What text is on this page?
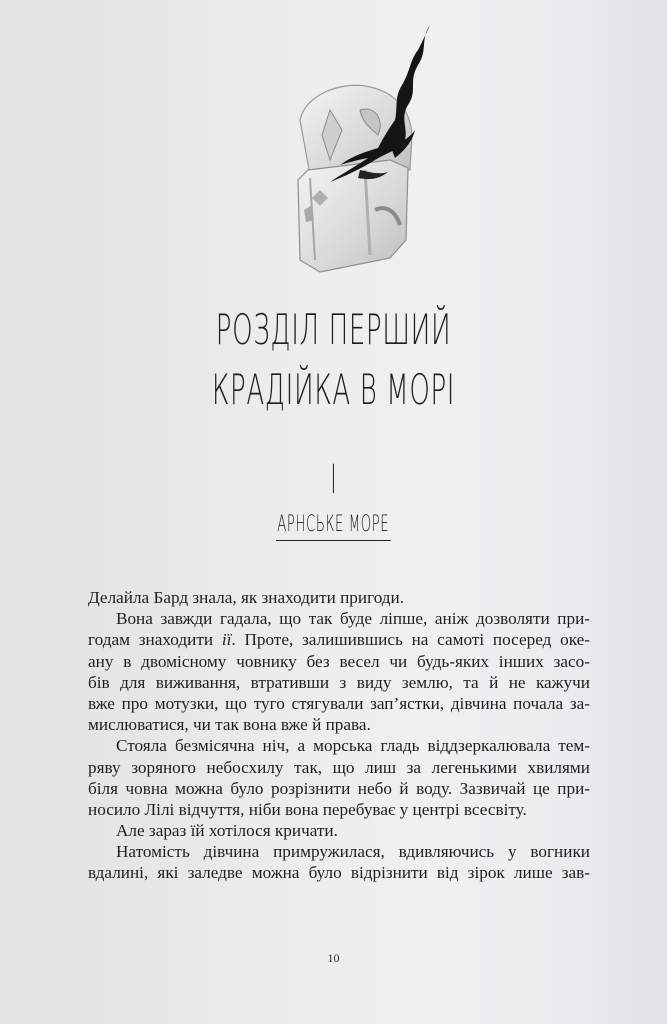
РОЗДІЛ ПЕРШИЙ
КРАДІЙКА В МОРІ
I
АРНСЬКЕ МОРЕ
Делайла Бард знала, як знаходити пригоди.
Вона завжди гадала, що так буде ліпше, аніж дозволяти при-
годам знаходити ії. Проте, залишившись на самоті посеред оке-
ану в двомісному човнику без весел чи будь-яких інших засо-
бів для виживання, втративши з виду землю, та й не кажучи
вже про мотузки, що туго стягували зап’ястки, дівчина почала за-
мислюватися, чи так вона вже й права.
Стояла безмісячна ніч, а морська гладь віддзеркалювала тем-
ряву зоряного небосхилу так, що лиш за легенькими хвилями
біля човна можна було розрізнити небо й воду. Зазвичай це при-
носило Лілі відчуття, ніби вона перебуває у центрі всесвіту.
Але зараз їй хотілося кричати.
Натомість дівчина примружилася, вдивляючись у вогники
вдалині, які заледве можна було відрізнити від зірок лише зав-
10
